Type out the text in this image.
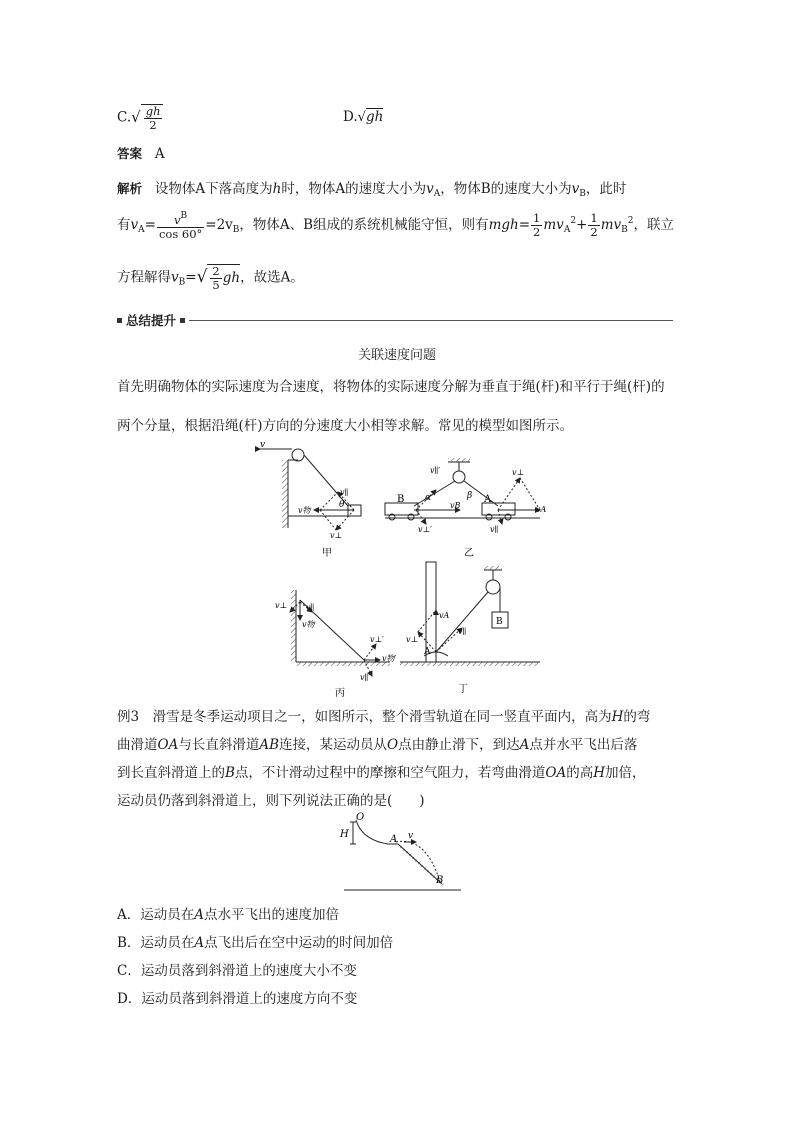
$C.√ \frac{gh}{2}$	D.√gh
答案 A
解析 设物体A下落高度为h时，物体A的速度大小为$v_A$，物体B的速度大小为$v_B$，此时
有$v_A= \frac{v^B}{\cos 60^\circ} =2v_B$，物体A、B组成的系统机械能守恒，则有$mgh= \frac{1}{2} mv_A^2+ \frac{1}{2} mv_B^2$，联立
方程解得$v_B=√ \frac{2}{5}$ gh，故选A。
总结提升
关联速度问题
首先明确物体的实际速度为合速度，将物体的实际速度分解为垂直于绳(杆)和平行于绳(杆)的
两个分量，根据沿绳(杆)方向的分速度大小相等求解。常见的模型如图所示。
v
v∥
v物
θ
v⊥
甲
v∥′
B α	β A
vB
v⊥
vA
v⊥′	v∥
乙
v⊥ v∥
v物
v⊥′
v物′
v∥′
丙
B
vA
v∥
v⊥
A
丁
例3　滑雪是冬季运动项目之一，如图所示，整个滑雪轨道在同一竖直平面内，高为H的弯
曲滑道OA与长直斜滑道AB连接，某运动员从O点由静止滑下，到达A点并水平飞出后落
到长直斜滑道上的B点，不计滑动过程中的摩擦和空气阻力，若弯曲滑道OA的高H加倍，
运动员仍落到斜滑道上，则下列说法正确的是(　　)
O
H	A v
B
A．运动员在A点水平飞出的速度加倍
B．运动员在A点飞出后在空中运动的时间加倍
C．运动员落到斜滑道上的速度大小不变
D．运动员落到斜滑道上的速度方向不变
